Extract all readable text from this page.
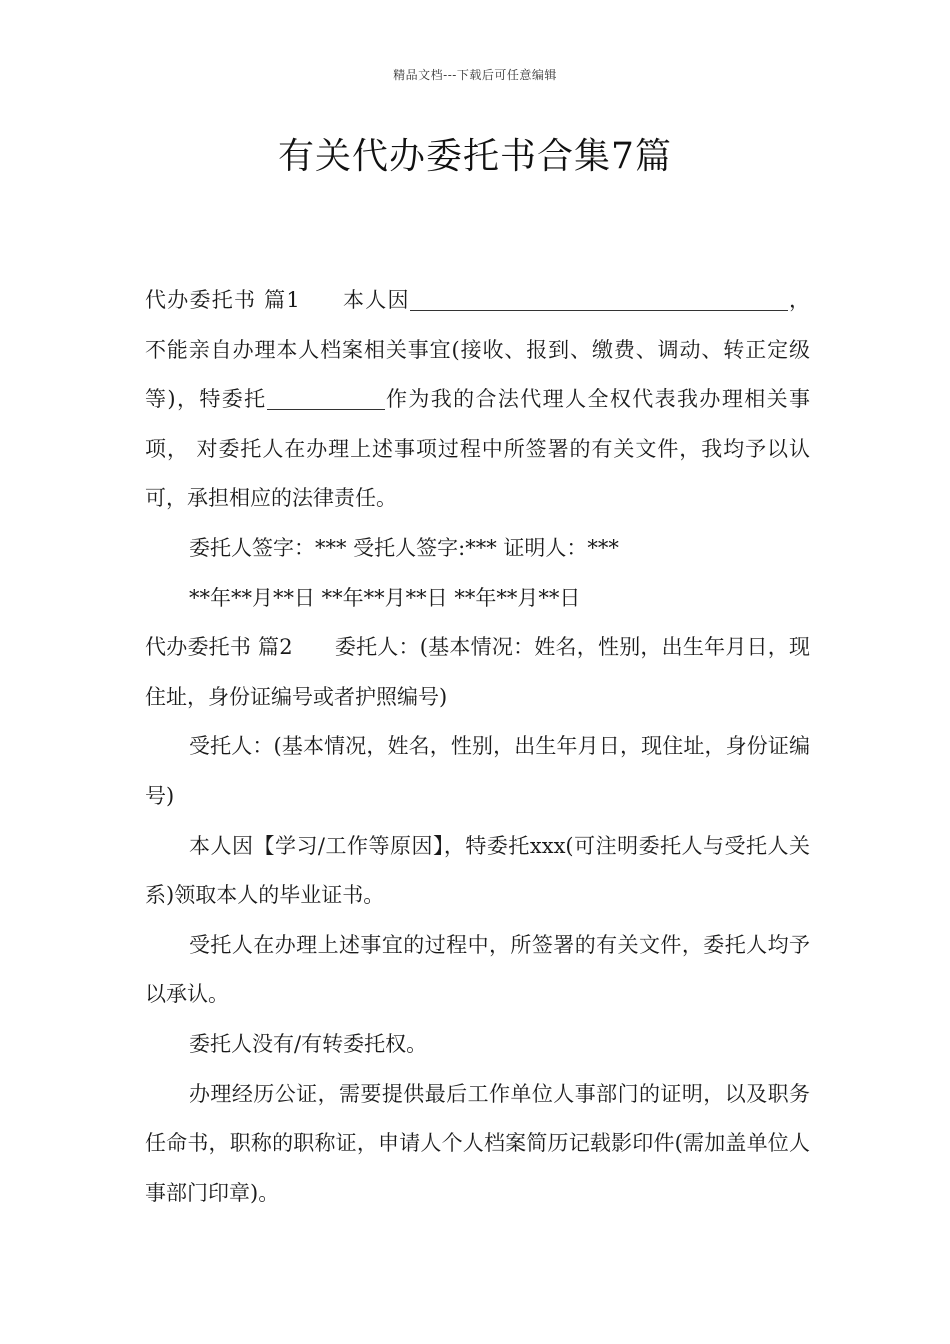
精品文档---下载后可任意编辑
有关代办委托书合集7篇

代办委托书 篇1 本人因	，不能亲自办理本人档案相关事宜(接收、报到、缴费、调动、转正定级等)，特委托	作为我的合法代理人全权代表我办理相关事项， 对委托人在办理上述事项过程中所签署的有关文件，我均予以认可，承担相应的法律责任。

委托人签字：*** 受托人签字:*** 证明人：***

**年**月**日 **年**月**日 **年**月**日

代办委托书 篇2 委托人：(基本情况：姓名，性别，出生年月日，现住址，身份证编号或者护照编号)

受托人：(基本情况，姓名，性别，出生年月日，现住址，身份证编号)

本人因【学习/工作等原因】，特委托xxx(可注明委托人与受托人关系)领取本人的毕业证书。

受托人在办理上述事宜的过程中，所签署的有关文件，委托人均予以承认。

委托人没有/有转委托权。

办理经历公证，需要提供最后工作单位人事部门的证明，以及职务任命书，职称的职称证，申请人个人档案简历记载影印件(需加盖单位人事部门印章)。
